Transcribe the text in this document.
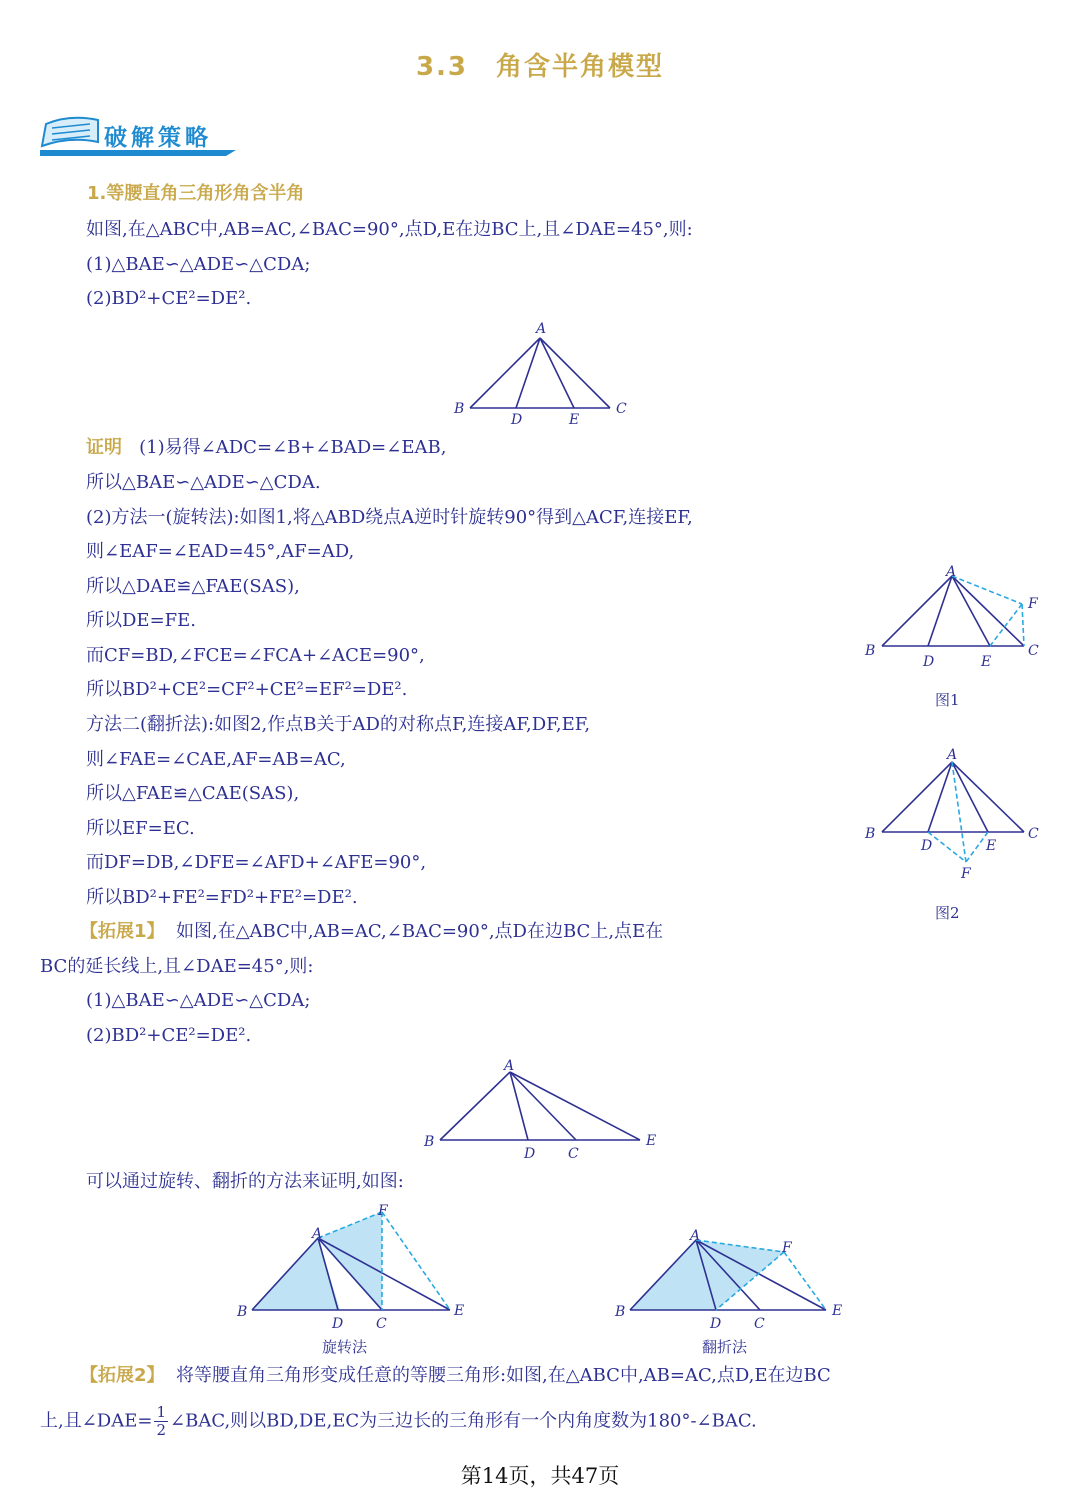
3.3 角含半角模型
破解策略
1.等腰直角三角形角含半角
如图,在△ABC中,AB=AC,∠BAC=90°,点D,E在边BC上,且∠DAE=45°,则:
(1)△BAE∽△ADE∽△CDA;
(2)BD²+CE²=DE².
A
B	C
D	E
证明 (1)易得∠ADC=∠B+∠BAD=∠EAB,
所以△BAE∽△ADE∽△CDA.
(2)方法一(旋转法):如图1,将△ABD绕点A逆时针旋转90°得到△ACF,连接EF,
则∠EAF=∠EAD=45°,AF=AD,
所以△DAE≌△FAE(SAS),
所以DE=FE.
而CF=BD,∠FCE=∠FCA+∠ACE=90°,
所以BD²+CE²=CF²+CE²=EF²=DE².
方法二(翻折法):如图2,作点B关于AD的对称点F,连接AF,DF,EF,
则∠FAE=∠CAE,AF=AB=AC,
所以△FAE≌△CAE(SAS),
所以EF=EC.
而DF=DB,∠DFE=∠AFD+∠AFE=90°,
所以BD²+FE²=FD²+FE²=DE².
A
B	C
D	E
F
图1
A
B	C
D	E
F
图2
【拓展1】 如图,在△ABC中,AB=AC,∠BAC=90°,点D在边BC上,点E在
BC的延长线上,且∠DAE=45°,则:
(1)△BAE∽△ADE∽△CDA;
(2)BD²+CE²=DE².
A
B
D C
E
可以通过旋转、翻折的方法来证明,如图:
A
B
D C
E
F
旋转法
A
B
D C
E
F
翻折法
【拓展2】 将等腰直角三角形变成任意的等腰三角形:如图,在△ABC中,AB=AC,点D,E在边BC
上,且∠DAE= $\frac{1}{2}$ ∠BAC,则以BD,DE,EC为三边长的三角形有一个内角度数为180°-∠BAC.
第14页，共47页
